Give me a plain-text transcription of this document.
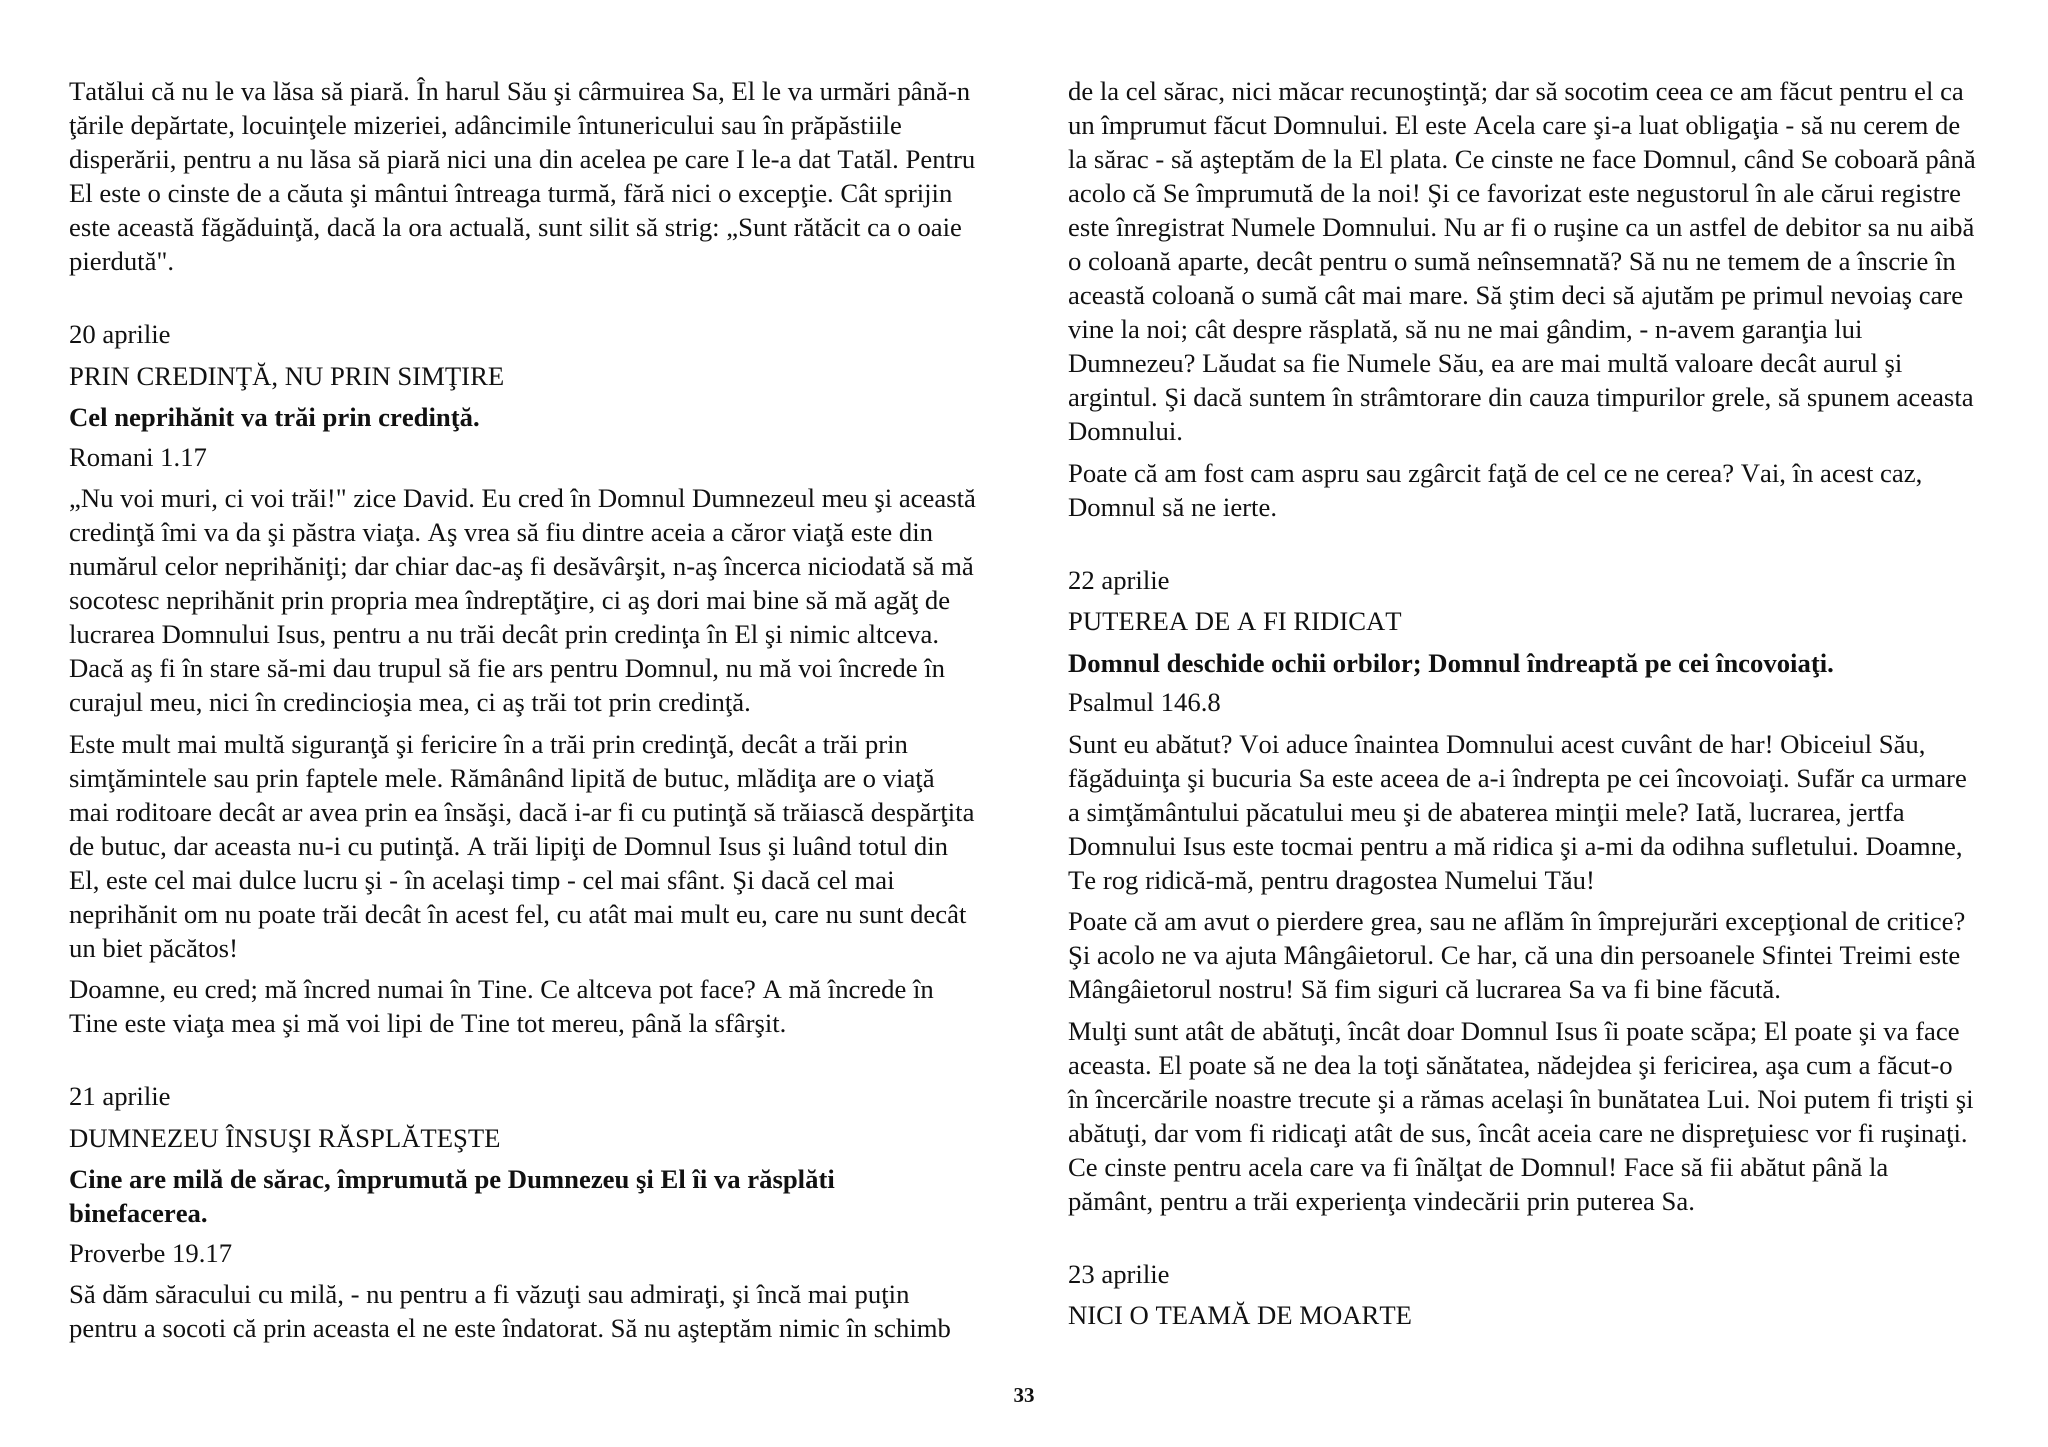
Tatălui că nu le va lăsa să piară. În harul Său şi cârmuirea Sa, El le va urmări până-n
ţările depărtate, locuinţele mizeriei, adâncimile întunericului sau în prăpăstiile
disperării, pentru a nu lăsa să piară nici una din acelea pe care I le-a dat Tatăl. Pentru
El este o cinste de a căuta şi mântui întreaga turmă, fără nici o excepţie. Cât sprijin
este această făgăduinţă, dacă la ora actuală, sunt silit să strig: „Sunt rătăcit ca o oaie
pierdută".

20 aprilie

PRIN CREDINŢĂ, NU PRIN SIMŢIRE

Cel neprihănit va trăi prin credinţă.

Romani 1.17

„Nu voi muri, ci voi trăi!" zice David. Eu cred în Domnul Dumnezeul meu şi această
credinţă îmi va da şi păstra viaţa. Aş vrea să fiu dintre aceia a căror viaţă este din
numărul celor neprihăniţi; dar chiar dac-aş fi desăvârşit, n-aş încerca niciodată să mă
socotesc neprihănit prin propria mea îndreptăţire, ci aş dori mai bine să mă agăţ de
lucrarea Domnului Isus, pentru a nu trăi decât prin credinţa în El şi nimic altceva.
Dacă aş fi în stare să-mi dau trupul să fie ars pentru Domnul, nu mă voi încrede în
curajul meu, nici în credincioşia mea, ci aş trăi tot prin credinţă.

Este mult mai multă siguranţă şi fericire în a trăi prin credinţă, decât a trăi prin
simţămintele sau prin faptele mele. Rămânând lipită de butuc, mlădiţa are o viaţă
mai roditoare decât ar avea prin ea însăşi, dacă i-ar fi cu putinţă să trăiască despărţita
de butuc, dar aceasta nu-i cu putinţă. A trăi lipiţi de Domnul Isus şi luând totul din
El, este cel mai dulce lucru şi - în acelaşi timp - cel mai sfânt. Şi dacă cel mai
neprihănit om nu poate trăi decât în acest fel, cu atât mai mult eu, care nu sunt decât
un biet păcătos!

Doamne, eu cred; mă încred numai în Tine. Ce altceva pot face? A mă încrede în
Tine este viaţa mea şi mă voi lipi de Tine tot mereu, până la sfârşit.

21 aprilie

DUMNEZEU ÎNSUŞI RĂSPLĂTEŞTE

Cine are milă de sărac, împrumută pe Dumnezeu şi El îi va răsplăti
binefacerea.

Proverbe 19.17

Să dăm săracului cu milă, - nu pentru a fi văzuţi sau admiraţi, şi încă mai puţin
pentru a socoti că prin aceasta el ne este îndatorat. Să nu aşteptăm nimic în schimb

de la cel sărac, nici măcar recunoştinţă; dar să socotim ceea ce am făcut pentru el ca
un împrumut făcut Domnului. El este Acela care şi-a luat obligaţia - să nu cerem de
la sărac - să aşteptăm de la El plata. Ce cinste ne face Domnul, când Se coboară până
acolo că Se împrumută de la noi! Şi ce favorizat este negustorul în ale cărui registre
este înregistrat Numele Domnului. Nu ar fi o ruşine ca un astfel de debitor sa nu aibă
o coloană aparte, decât pentru o sumă neînsemnată? Să nu ne temem de a înscrie în
această coloană o sumă cât mai mare. Să ştim deci să ajutăm pe primul nevoiaş care
vine la noi; cât despre răsplată, să nu ne mai gândim, - n-avem garanţia lui
Dumnezeu? Lăudat sa fie Numele Său, ea are mai multă valoare decât aurul şi
argintul. Şi dacă suntem în strâmtorare din cauza timpurilor grele, să spunem aceasta
Domnului.

Poate că am fost cam aspru sau zgârcit faţă de cel ce ne cerea? Vai, în acest caz,
Domnul să ne ierte.

22 aprilie

PUTEREA DE A FI RIDICAT

Domnul deschide ochii orbilor; Domnul îndreaptă pe cei încovoiaţi.

Psalmul 146.8

Sunt eu abătut? Voi aduce înaintea Domnului acest cuvânt de har! Obiceiul Său,
făgăduinţa şi bucuria Sa este aceea de a-i îndrepta pe cei încovoiaţi. Sufăr ca urmare
a simţământului păcatului meu şi de abaterea minţii mele? Iată, lucrarea, jertfa
Domnului Isus este tocmai pentru a mă ridica şi a-mi da odihna sufletului. Doamne,
Te rog ridică-mă, pentru dragostea Numelui Tău!

Poate că am avut o pierdere grea, sau ne aflăm în împrejurări excepţional de critice?
Şi acolo ne va ajuta Mângâietorul. Ce har, că una din persoanele Sfintei Treimi este
Mângâietorul nostru! Să fim siguri că lucrarea Sa va fi bine făcută.

Mulţi sunt atât de abătuţi, încât doar Domnul Isus îi poate scăpa; El poate şi va face
aceasta. El poate să ne dea la toţi sănătatea, nădejdea şi fericirea, aşa cum a făcut-o
în încercările noastre trecute şi a rămas acelaşi în bunătatea Lui. Noi putem fi trişti şi
abătuţi, dar vom fi ridicaţi atât de sus, încât aceia care ne dispreţuiesc vor fi ruşinaţi.
Ce cinste pentru acela care va fi înălţat de Domnul! Face să fii abătut până la
pământ, pentru a trăi experienţa vindecării prin puterea Sa.

23 aprilie

NICI O TEAMĂ DE MOARTE

33
